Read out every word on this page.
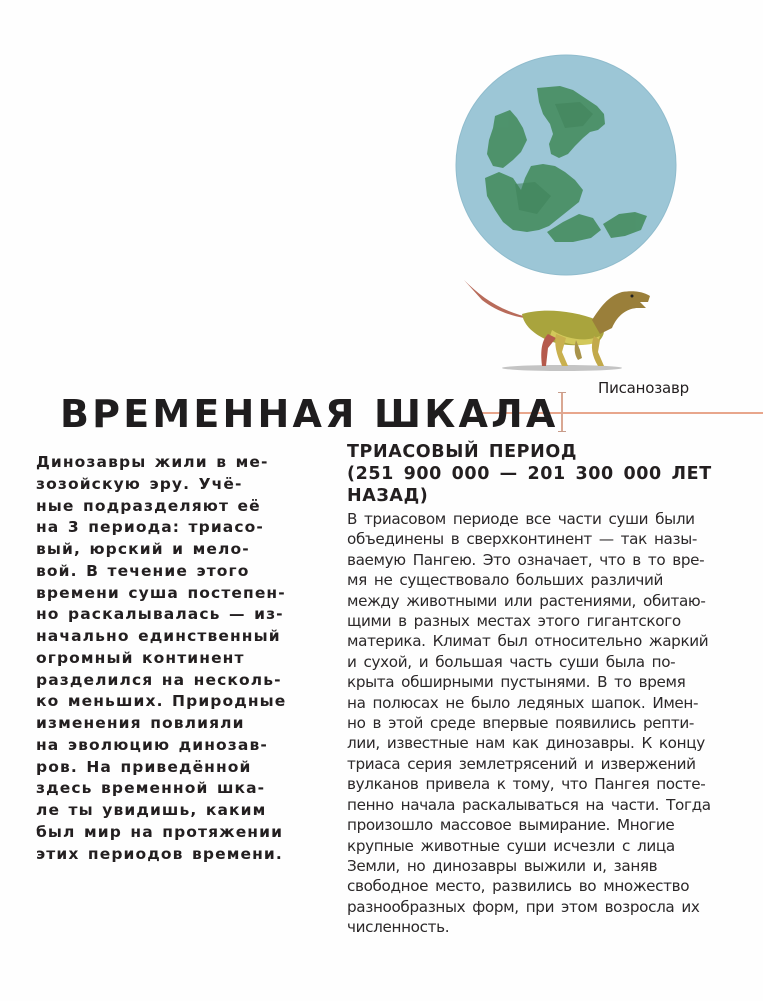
Писанозавр
ВРЕМЕННАЯ ШКАЛА
Динозавры жили в ме-
зозойскую эру. Учё-
ные подразделяют её
на 3 периода: триасо-
вый, юрский и мело-
вой. В течение этого
времени суша постепен-
но раскалывалась — из-
начально единственный
огромный континент
разделился на несколь-
ко меньших. Природные
изменения повлияли
на эволюцию динозав-
ров. На приведённой
здесь временной шка-
ле ты увидишь, каким
был мир на протяжении
этих периодов времени.
ТРИАСОВЫЙ ПЕРИОД
(251 900 000 — 201 300 000 ЛЕТ
НАЗАД)
В триасовом периоде все части суши были
объединены в сверхконтинент — так назы-
ваемую Пангею. Это означает, что в то вре-
мя не существовало больших различий
между животными или растениями, обитаю-
щими в разных местах этого гигантского
материка. Климат был относительно жаркий
и сухой, и большая часть суши была по-
крыта обширными пустынями. В то время
на полюсах не было ледяных шапок. Имен-
но в этой среде впервые появились репти-
лии, известные нам как динозавры. К концу
триаса серия землетрясений и извержений
вулканов привела к тому, что Пангея посте-
пенно начала раскалываться на части. Тогда
произошло массовое вымирание. Многие
крупные животные суши исчезли с лица
Земли, но динозавры выжили и, заняв
свободное место, развились во множество
разнообразных форм, при этом возросла их
численность.
